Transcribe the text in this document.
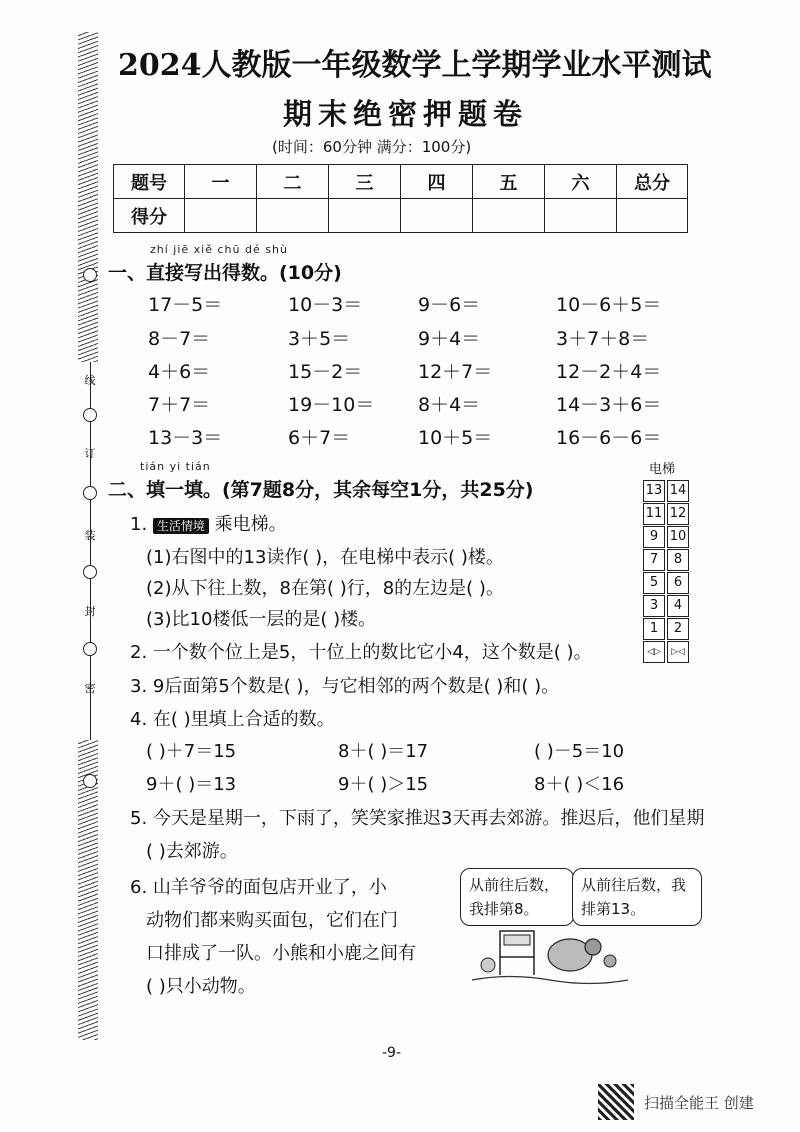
线
订
装
封
密
2024人教版一年级数学上学期学业水平测试
期末绝密押题卷
(时间：60分钟 满分：100分)
题号	一	二	三	四	五	六	总分
得分							
zhí jiē xiě chū dé shù
一、直接写出得数。(10分)
17－5＝	10－3＝	9－6＝	10－6＋5＝
8－7＝	3＋5＝	9＋4＝	3＋7＋8＝
4＋6＝	15－2＝	12＋7＝	12－2＋4＝
7＋7＝	19－10＝ 8＋4＝	14－3＋6＝
13－3＝	6＋7＝	10＋5＝	16－6－6＝
tián yi tián
二、填一填。(第7题8分，其余每空1分，共25分)
1. 生活情境 乘电梯。
(1)右图中的13读作( )，在电梯中表示( )楼。
(2)从下往上数，8在第( )行，8的左边是( )。
(3)比10楼低一层的是( )楼。
电梯
13 14
11 12
9 10
7	8
5	6
3	4
1	2
◁▷	▷◁
2. 一个数个位上是5，十位上的数比它小4，这个数是( )。
3. 9后面第5个数是( )，与它相邻的两个数是( )和( )。
4. 在( )里填上合适的数。
( )＋7＝15	8＋( )＝17	( )－5＝10
9＋( )＝13	9＋( )＞15	8＋( )＜16
5. 今天是星期一，下雨了，笑笑家推迟3天再去郊游。推迟后，他们星期
( )去郊游。
6. 山羊爷爷的面包店开业了，小
动物们都来购买面包，它们在门
口排成了一队。小熊和小鹿之间有
( )只小动物。
从前往后数，
我排第8。
从前往后数，我
排第13。
-9-
扫描全能王 创建
